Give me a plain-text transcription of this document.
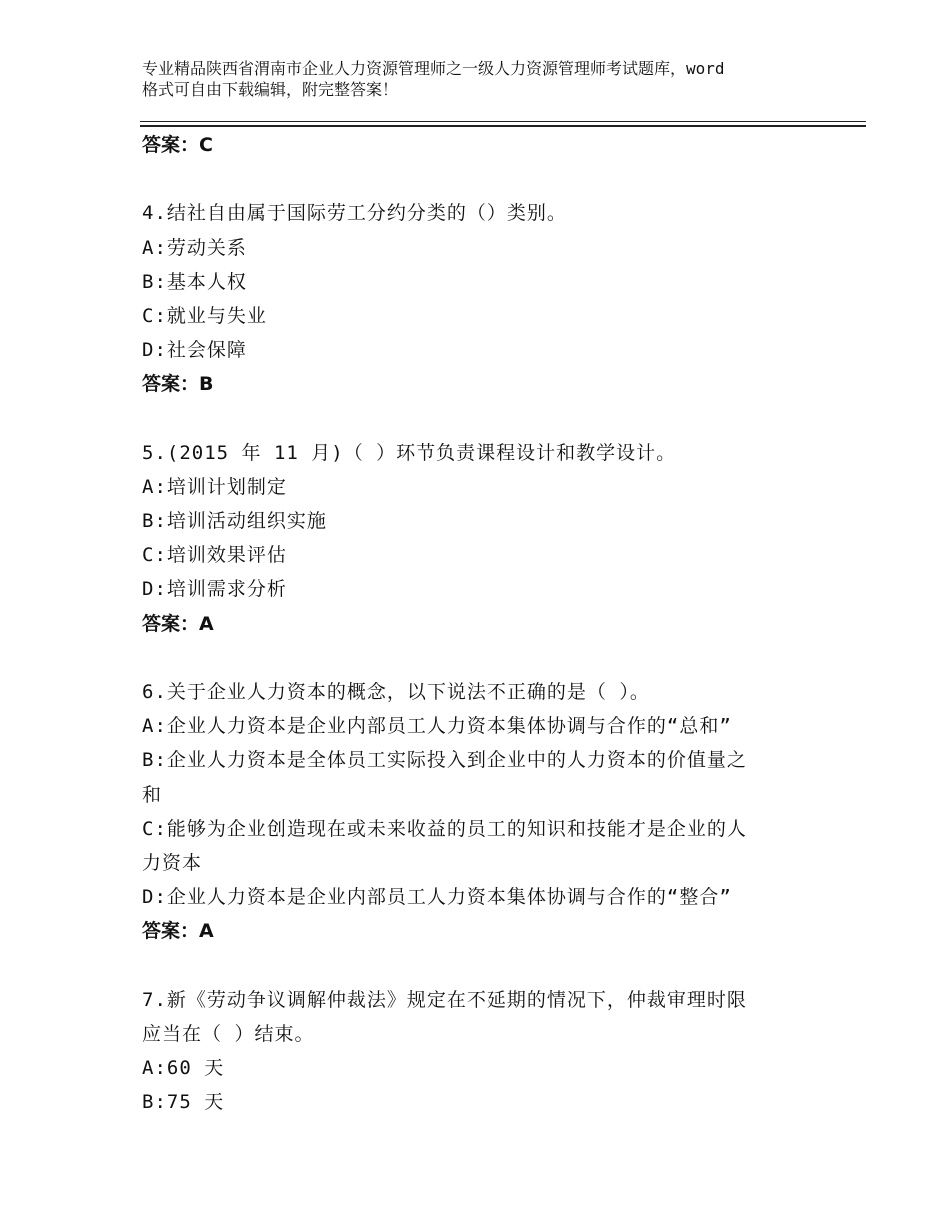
专业精品陕西省渭南市企业人力资源管理师之一级人力资源管理师考试题库，word
格式可自由下载编辑，附完整答案！
答案：C
4.结社自由属于国际劳工分约分类的（）类别。
A:劳动关系
B:基本人权
C:就业与失业
D:社会保障
答案：B
5.(2015 年 11 月)（ ）环节负责课程设计和教学设计。
A:培训计划制定
B:培训活动组织实施
C:培训效果评估
D:培训需求分析
答案：A
6.关于企业人力资本的概念，以下说法不正确的是（ ）。
A:企业人力资本是企业内部员工人力资本集体协调与合作的“总和”
B:企业人力资本是全体员工实际投入到企业中的人力资本的价值量之
和
C:能够为企业创造现在或未来收益的员工的知识和技能才是企业的人
力资本
D:企业人力资本是企业内部员工人力资本集体协调与合作的“整合”
答案：A
7.新《劳动争议调解仲裁法》规定在不延期的情况下，仲裁审理时限
应当在（ ）结束。
A:60 天
B:75 天
